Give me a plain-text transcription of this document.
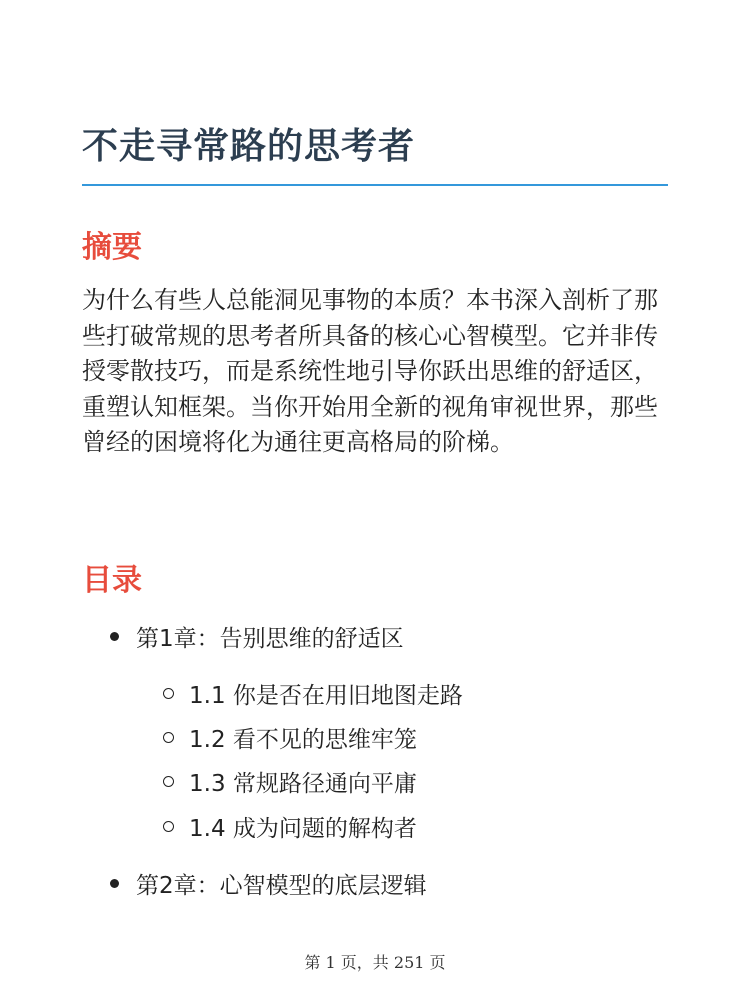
不走寻常路的思考者
摘要

为什么有些人总能洞见事物的本质？本书深入剖析了那些打破常规的思考者所具备的核心心智模型。它并非传授零散技巧，而是系统性地引导你跃出思维的舒适区，重塑认知框架。当你开始用全新的视角审视世界，那些曾经的困境将化为通往更高格局的阶梯。

目录
第1章：告别思维的舒适区
1.1 你是否在用旧地图走路
1.2 看不见的思维牢笼
1.3 常规路径通向平庸
1.4 成为问题的解构者
第2章：心智模型的底层逻辑
第 1 页，共 251 页
